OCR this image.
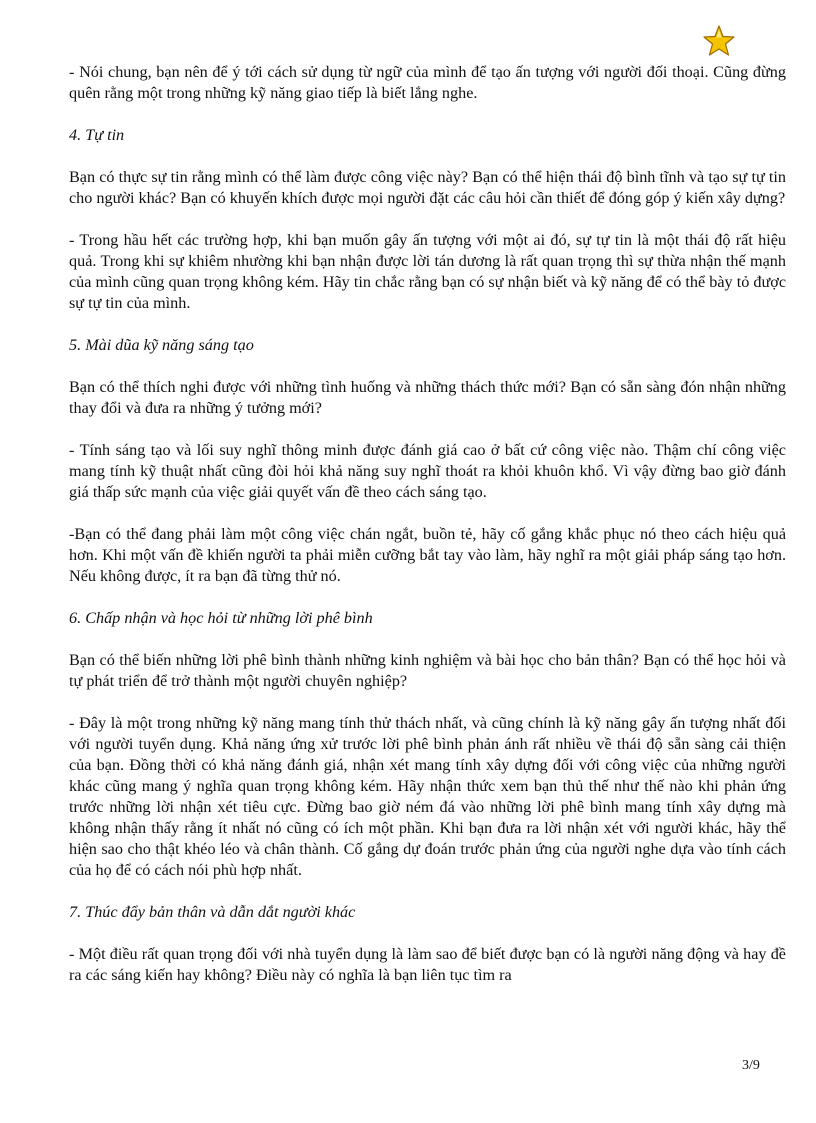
- Nói chung, bạn nên để ý tới cách sử dụng từ ngữ của mình để tạo ấn tượng với người đối thoại. Cũng đừng quên rằng một trong những kỹ năng giao tiếp là biết lắng nghe.

4. Tự tin

Bạn có thực sự tin rằng mình có thể làm được công việc này? Bạn có thể hiện thái độ bình tĩnh và tạo sự tự tin cho người khác? Bạn có khuyến khích được mọi người đặt các câu hỏi cần thiết để đóng góp ý kiến xây dựng?

- Trong hầu hết các trường hợp, khi bạn muốn gây ấn tượng với một ai đó, sự tự tin là một thái độ rất hiệu quả. Trong khi sự khiêm nhường khi bạn nhận được lời tán dương là rất quan trọng thì sự thừa nhận thế mạnh của mình cũng quan trọng không kém. Hãy tin chắc rằng bạn có sự nhận biết và kỹ năng để có thể bày tỏ được sự tự tin của mình.

5. Mài dũa kỹ năng sáng tạo

Bạn có thể thích nghi được với những tình huống và những thách thức mới? Bạn có sẵn sàng đón nhận những thay đổi và đưa ra những ý tưởng mới?

- Tính sáng tạo và lối suy nghĩ thông minh được đánh giá cao ở bất cứ công việc nào. Thậm chí công việc mang tính kỹ thuật nhất cũng đòi hỏi khả năng suy nghĩ thoát ra khỏi khuôn khổ. Vì vậy đừng bao giờ đánh giá thấp sức mạnh của việc giải quyết vấn đề theo cách sáng tạo.

-Bạn có thể đang phải làm một công việc chán ngắt, buồn tẻ, hãy cố gắng khắc phục nó theo cách hiệu quả hơn. Khi một vấn đề khiến người ta phải miễn cưỡng bắt tay vào làm, hãy nghĩ ra một giải pháp sáng tạo hơn. Nếu không được, ít ra bạn đã từng thử nó.

6. Chấp nhận và học hỏi từ những lời phê bình

Bạn có thể biến những lời phê bình thành những kinh nghiệm và bài học cho bản thân? Bạn có thể học hỏi và tự phát triển để trở thành một người chuyên nghiệp?

- Đây là một trong những kỹ năng mang tính thử thách nhất, và cũng chính là kỹ năng gây ấn tượng nhất đối với người tuyển dụng. Khả năng ứng xử trước lời phê bình phản ánh rất nhiều về thái độ sẵn sàng cải thiện của bạn. Đồng thời có khả năng đánh giá, nhận xét mang tính xây dựng đối với công việc của những người khác cũng mang ý nghĩa quan trọng không kém. Hãy nhận thức xem bạn thủ thế như thế nào khi phản ứng trước những lời nhận xét tiêu cực. Đừng bao giờ ném đá vào những lời phê bình mang tính xây dựng mà không nhận thấy rằng ít nhất nó cũng có ích một phần. Khi bạn đưa ra lời nhận xét với người khác, hãy thể hiện sao cho thật khéo léo và chân thành. Cố gắng dự đoán trước phản ứng của người nghe dựa vào tính cách của họ để có cách nói phù hợp nhất.

7. Thúc đẩy bản thân và dẫn dắt người khác

- Một điều rất quan trọng đối với nhà tuyển dụng là làm sao để biết được bạn có là người năng động và hay đề ra các sáng kiến hay không? Điều này có nghĩa là bạn liên tục tìm ra

3/9
